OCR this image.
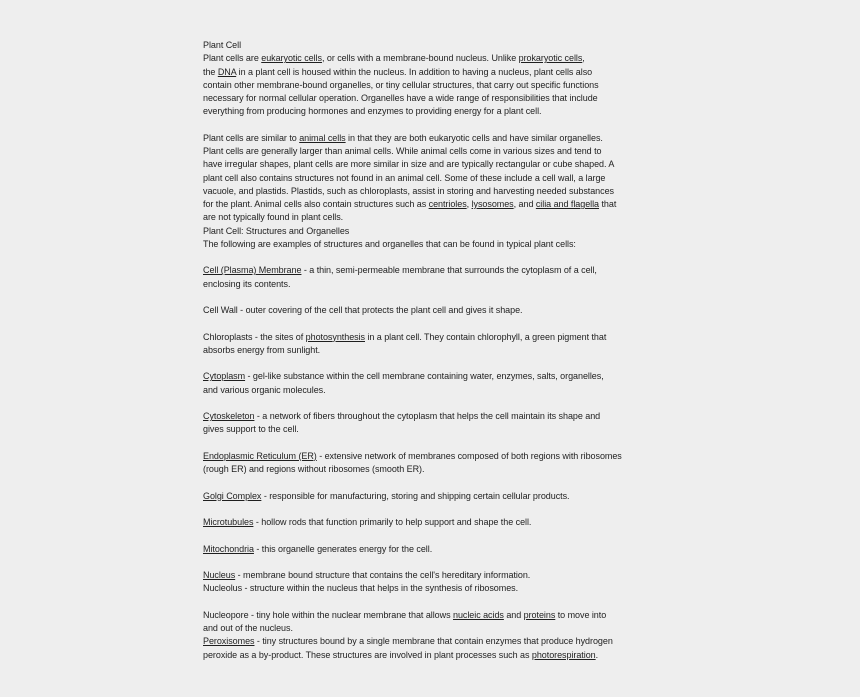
Plant Cell
Plant cells are eukaryotic cells, or cells with a membrane-bound nucleus. Unlike prokaryotic cells,
the DNA in a plant cell is housed within the nucleus. In addition to having a nucleus, plant cells also
contain other membrane-bound organelles, or tiny cellular structures, that carry out specific functions
necessary for normal cellular operation. Organelles have a wide range of responsibilities that include
everything from producing hormones and enzymes to providing energy for a plant cell.
Plant cells are similar to animal cells in that they are both eukaryotic cells and have similar organelles.
Plant cells are generally larger than animal cells. While animal cells come in various sizes and tend to
have irregular shapes, plant cells are more similar in size and are typically rectangular or cube shaped. A
plant cell also contains structures not found in an animal cell. Some of these include a cell wall, a large
vacuole, and plastids. Plastids, such as chloroplasts, assist in storing and harvesting needed substances
for the plant. Animal cells also contain structures such as centrioles, lysosomes, and cilia and flagella that
are not typically found in plant cells.
Plant Cell: Structures and Organelles
The following are examples of structures and organelles that can be found in typical plant cells:
Cell (Plasma) Membrane - a thin, semi-permeable membrane that surrounds the cytoplasm of a cell,
enclosing its contents.
Cell Wall - outer covering of the cell that protects the plant cell and gives it shape.
Chloroplasts - the sites of photosynthesis in a plant cell. They contain chlorophyll, a green pigment that
absorbs energy from sunlight.
Cytoplasm - gel-like substance within the cell membrane containing water, enzymes, salts, organelles,
and various organic molecules.
Cytoskeleton - a network of fibers throughout the cytoplasm that helps the cell maintain its shape and
gives support to the cell.
Endoplasmic Reticulum (ER) - extensive network of membranes composed of both regions with ribosomes
(rough ER) and regions without ribosomes (smooth ER).
Golgi Complex - responsible for manufacturing, storing and shipping certain cellular products.
Microtubules - hollow rods that function primarily to help support and shape the cell.
Mitochondria - this organelle generates energy for the cell.
Nucleus - membrane bound structure that contains the cell's hereditary information.
Nucleolus - structure within the nucleus that helps in the synthesis of ribosomes.
Nucleopore - tiny hole within the nuclear membrane that allows nucleic acids and proteins to move into
and out of the nucleus.
Peroxisomes - tiny structures bound by a single membrane that contain enzymes that produce hydrogen
peroxide as a by-product. These structures are involved in plant processes such as photorespiration.
